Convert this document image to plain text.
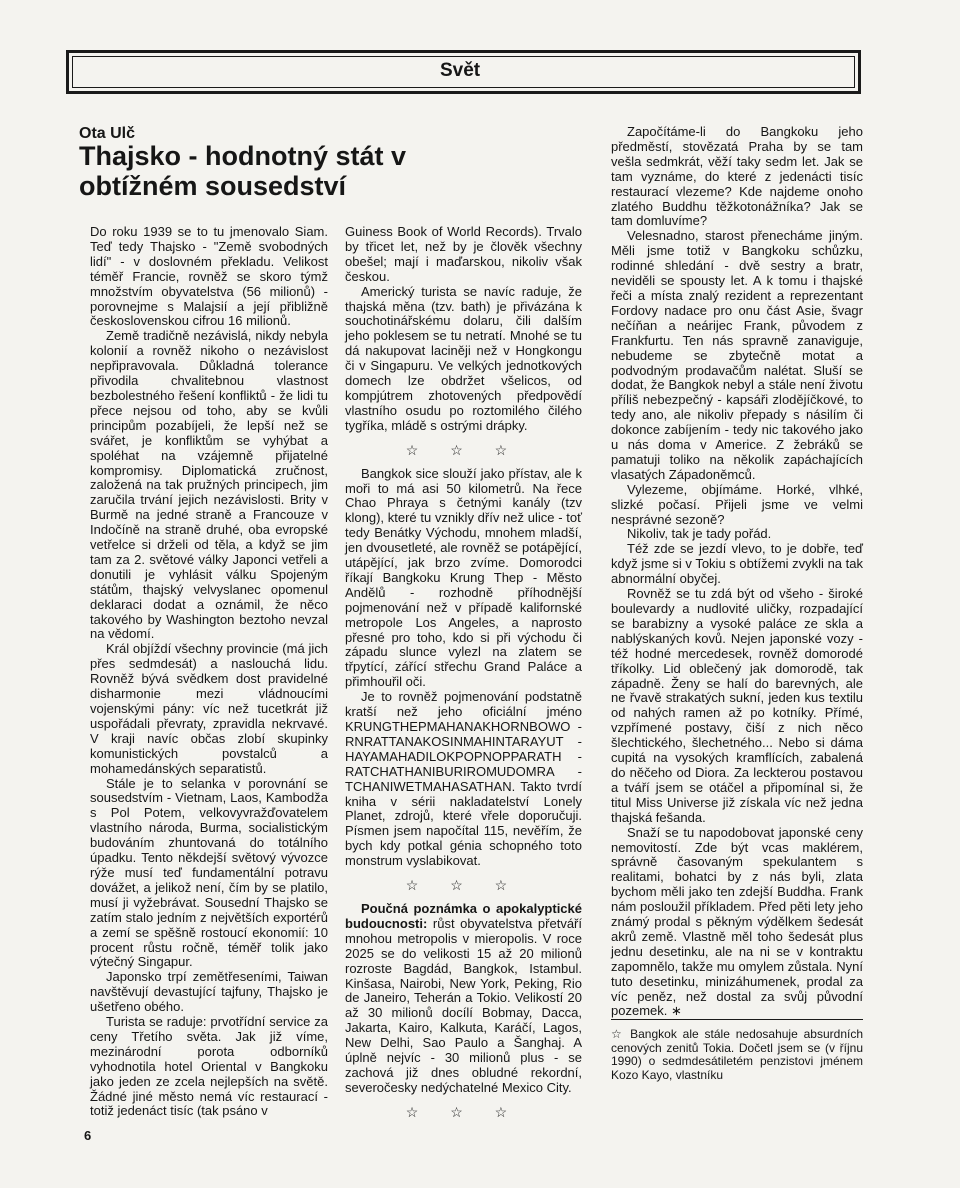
Svět
Ota Ulč
Thajsko - hodnotný stát v obtížném sousedství

Do roku 1939 se to tu jmenovalo Siam. Teď tedy Thajsko - "Země svobodných lidí" - v doslovném překladu. Velikost téměř Francie, rovněž se skoro týmž množstvím obyvatelstva (56 milionů) - porovnejme s Malajsií a její přibližně československou cifrou 16 milionů.

Země tradičně nezávislá, nikdy nebyla kolonií a rovněž nikoho o nezávislost nepřipravovala. Důkladná tolerance přivodila chvalitebnou vlastnost bezbolestného řešení konfliktů - že lidi tu přece nejsou od toho, aby se kvůli principům pozabíjeli, že lepší než se svářet, je konfliktům se vyhýbat a spoléhat na vzájemně přijatelné kompromisy. Diplomatická zručnost, založená na tak pružných principech, jim zaručila trvání jejich nezávislosti. Brity v Burmě na jedné straně a Francouze v Indočíně na straně druhé, oba evropské vetřelce si drželi od těla, a když se jim tam za 2. světové války Japonci vetřeli a donutili je vyhlásit válku Spojeným státům, thajský velvyslanec opomenul deklaraci dodat a oznámil, že něco takového by Washington beztoho nevzal na vědomí.

Král objíždí všechny provincie (má jich přes sedmdesát) a naslouchá lidu. Rovněž bývá svědkem dost pravidelné disharmonie mezi vládnoucími vojenskými pány: víc než tucetkrát již uspořádali převraty, zpravidla nekrvavé. V kraji navíc občas zlobí skupinky komunistických povstalců a mohamedánských separatistů.

Stále je to selanka v porovnání se sousedstvím - Vietnam, Laos, Kambodža s Pol Potem, velkovyvražďovatelem vlastního národa, Burma, socialistickým budováním zhuntovaná do totálního úpadku. Tento někdejší světový vývozce rýže musí teď fundamentální potravu dovážet, a jelikož není, čím by se platilo, musí ji vyžebrávat. Sousední Thajsko se zatím stalo jedním z největších exportérů a zemí se spěšně rostoucí ekonomií: 10 procent růstu ročně, téměř tolik jako výtečný Singapur.

Japonsko trpí zemětřeseními, Taiwan navštěvují devastující tajfuny, Thajsko je ušetřeno obého.

Turista se raduje: prvotřídní service za ceny Třetího světa. Jak již víme, mezinárodní porota odborníků vyhodnotila hotel Oriental v Bangkoku jako jeden ze zcela nejlepších na světě. Žádné jiné město nemá víc restaurací - totiž jedenáct tisíc (tak psáno v

Guiness Book of World Records). Trvalo by třicet let, než by je člověk všechny obešel; mají i maďarskou, nikoliv však českou.

Americký turista se navíc raduje, že thajská měna (tzv. bath) je přivázána k souchotinářskému dolaru, čili dalším jeho poklesem se tu netratí. Mnohé se tu dá nakupovat laciněji než v Hongkongu či v Singapuru. Ve velkých jednotkových domech lze obdržet všelicos, od kompjútrem zhotovených předpovědí vlastního osudu po roztomilého čilého tygříka, mládě s ostrými drápky.

☆ ☆ ☆

Bangkok sice slouží jako přístav, ale k moři to má asi 50 kilometrů. Na řece Chao Phraya s četnými kanály (tzv klong), které tu vznikly dřív než ulice - toť tedy Benátky Východu, mnohem mladší, jen dvousetleté, ale rovněž se potápějící, utápějící, jak brzo zvíme. Domorodci říkají Bangkoku Krung Thep - Město Andělů - rozhodně příhodnější pojmenování než v případě kalifornské metropole Los Angeles, a naprosto přesné pro toho, kdo si při východu či západu slunce vylezl na zlatem se třpytící, zářící střechu Grand Paláce a přimhouřil oči.

Je to rovněž pojmenování podstatně kratší než jeho oficiální jméno KRUNGTHEPMAHANAKHORNBOWO - RNRATTANAKOSINMAHINTARAYUT - HAYAMAHADILOKPOPNOPPARATH - RATCHATHANIBURIROMUDOMRA - TCHANIWETMAHASATHAN. Takto tvrdí kniha v sérii nakladatelství Lonely Planet, zdrojů, které vřele doporučuji. Písmen jsem napočítal 115, nevěřím, že bych kdy potkal génia schopného toto monstrum vyslabikovat.

☆ ☆ ☆

Poučná poznámka o apokalyptické budoucnosti: růst obyvatelstva přetváří mnohou metropolis v mieropolis. V roce 2025 se do velikosti 15 až 20 milionů rozroste Bagdád, Bangkok, Istambul. Kinšasa, Nairobi, New York, Peking, Rio de Janeiro, Teherán a Tokio. Velikostí 20 až 30 milionů docílí Bobmay, Dacca, Jakarta, Kairo, Kalkuta, Karáčí, Lagos, New Delhi, Sao Paulo a Šanghaj. A úplně nejvíc - 30 milionů plus - se zachová již dnes obludné rekordní, severočesky nedýchatelné Mexico City.

☆ ☆ ☆

Započítáme-li do Bangkoku jeho předměstí, stovězatá Praha by se tam vešla sedmkrát, věží taky sedm let. Jak se tam vyznáme, do které z jedenácti tisíc restaurací vlezeme? Kde najdeme onoho zlatého Buddhu těžkotonážníka? Jak se tam domluvíme?

Velesnadno, starost přenecháme jiným. Měli jsme totiž v Bangkoku schůzku, rodinné shledání - dvě sestry a bratr, neviděli se spousty let. A k tomu i thajské řeči a místa znalý rezident a reprezentant Fordovy nadace pro onu část Asie, švagr nečíňan a neárijec Frank, původem z Frankfurtu. Ten nás spravně zanaviguje, nebudeme se zbytečně motat a podvodným prodavačům nalétat. Sluší se dodat, že Bangkok nebyl a stále není životu příliš nebezpečný - kapsáři zlodějíčkové, to tedy ano, ale nikoliv přepady s násilím či dokonce zabíjením - tedy nic takového jako u nás doma v Americe. Z žebráků se pamatuji toliko na několik zapáchajících vlasatých Západoněmců.

Vylezeme, objímáme. Horké, vlhké, slizké počasí. Přijeli jsme ve velmi nesprávné sezoně?

Nikoliv, tak je tady pořád.

Též zde se jezdí vlevo, to je dobře, teď když jsme si v Tokiu s obtížemi zvykli na tak abnormální obyčej.

Rovněž se tu zdá být od všeho - široké boulevardy a nudlovité uličky, rozpadající se barabizny a vysoké paláce ze skla a nablýskaných kovů. Nejen japonské vozy - též hodné mercedesek, rovněž domorodé tříkolky. Lid oblečený jak domorodě, tak západně. Ženy se halí do barevných, ale ne řvavě strakatých sukní, jeden kus textilu od nahých ramen až po kotníky. Přímé, vzpřímené postavy, čiší z nich něco šlechtického, šlechetného... Nebo si dáma cupitá na vysokých kramflících, zabalená do něčeho od Diora. Za leckterou postavou a tváří jsem se otáčel a připomínal si, že titul Miss Universe již získala víc než jedna thajská fešanda.

Snaží se tu napodobovat japonské ceny nemovitostí. Zde být vcas maklérem, správně časovaným spekulantem s realitami, bohatci by z nás byli, zlata bychom měli jako ten zdejší Buddha. Frank nám posloužil příkladem. Před pěti lety jeho známý prodal s pěkným výdělkem šedesát akrů země. Vlastně měl toho šedesát plus jednu desetinku, ale na ni se v kontraktu zapomnělo, takže mu omylem zůstala. Nyní tuto desetinku, minizáhumenek, prodal za víc peněz, než dostal za svůj původní pozemek. ∗

☆ Bangkok ale stále nedosahuje absurdních cenových zenitů Tokia. Dočetl jsem se (v říjnu 1990) o sedmdesátiletém penzistovi jménem Kozo Kayo, vlastníku

6
